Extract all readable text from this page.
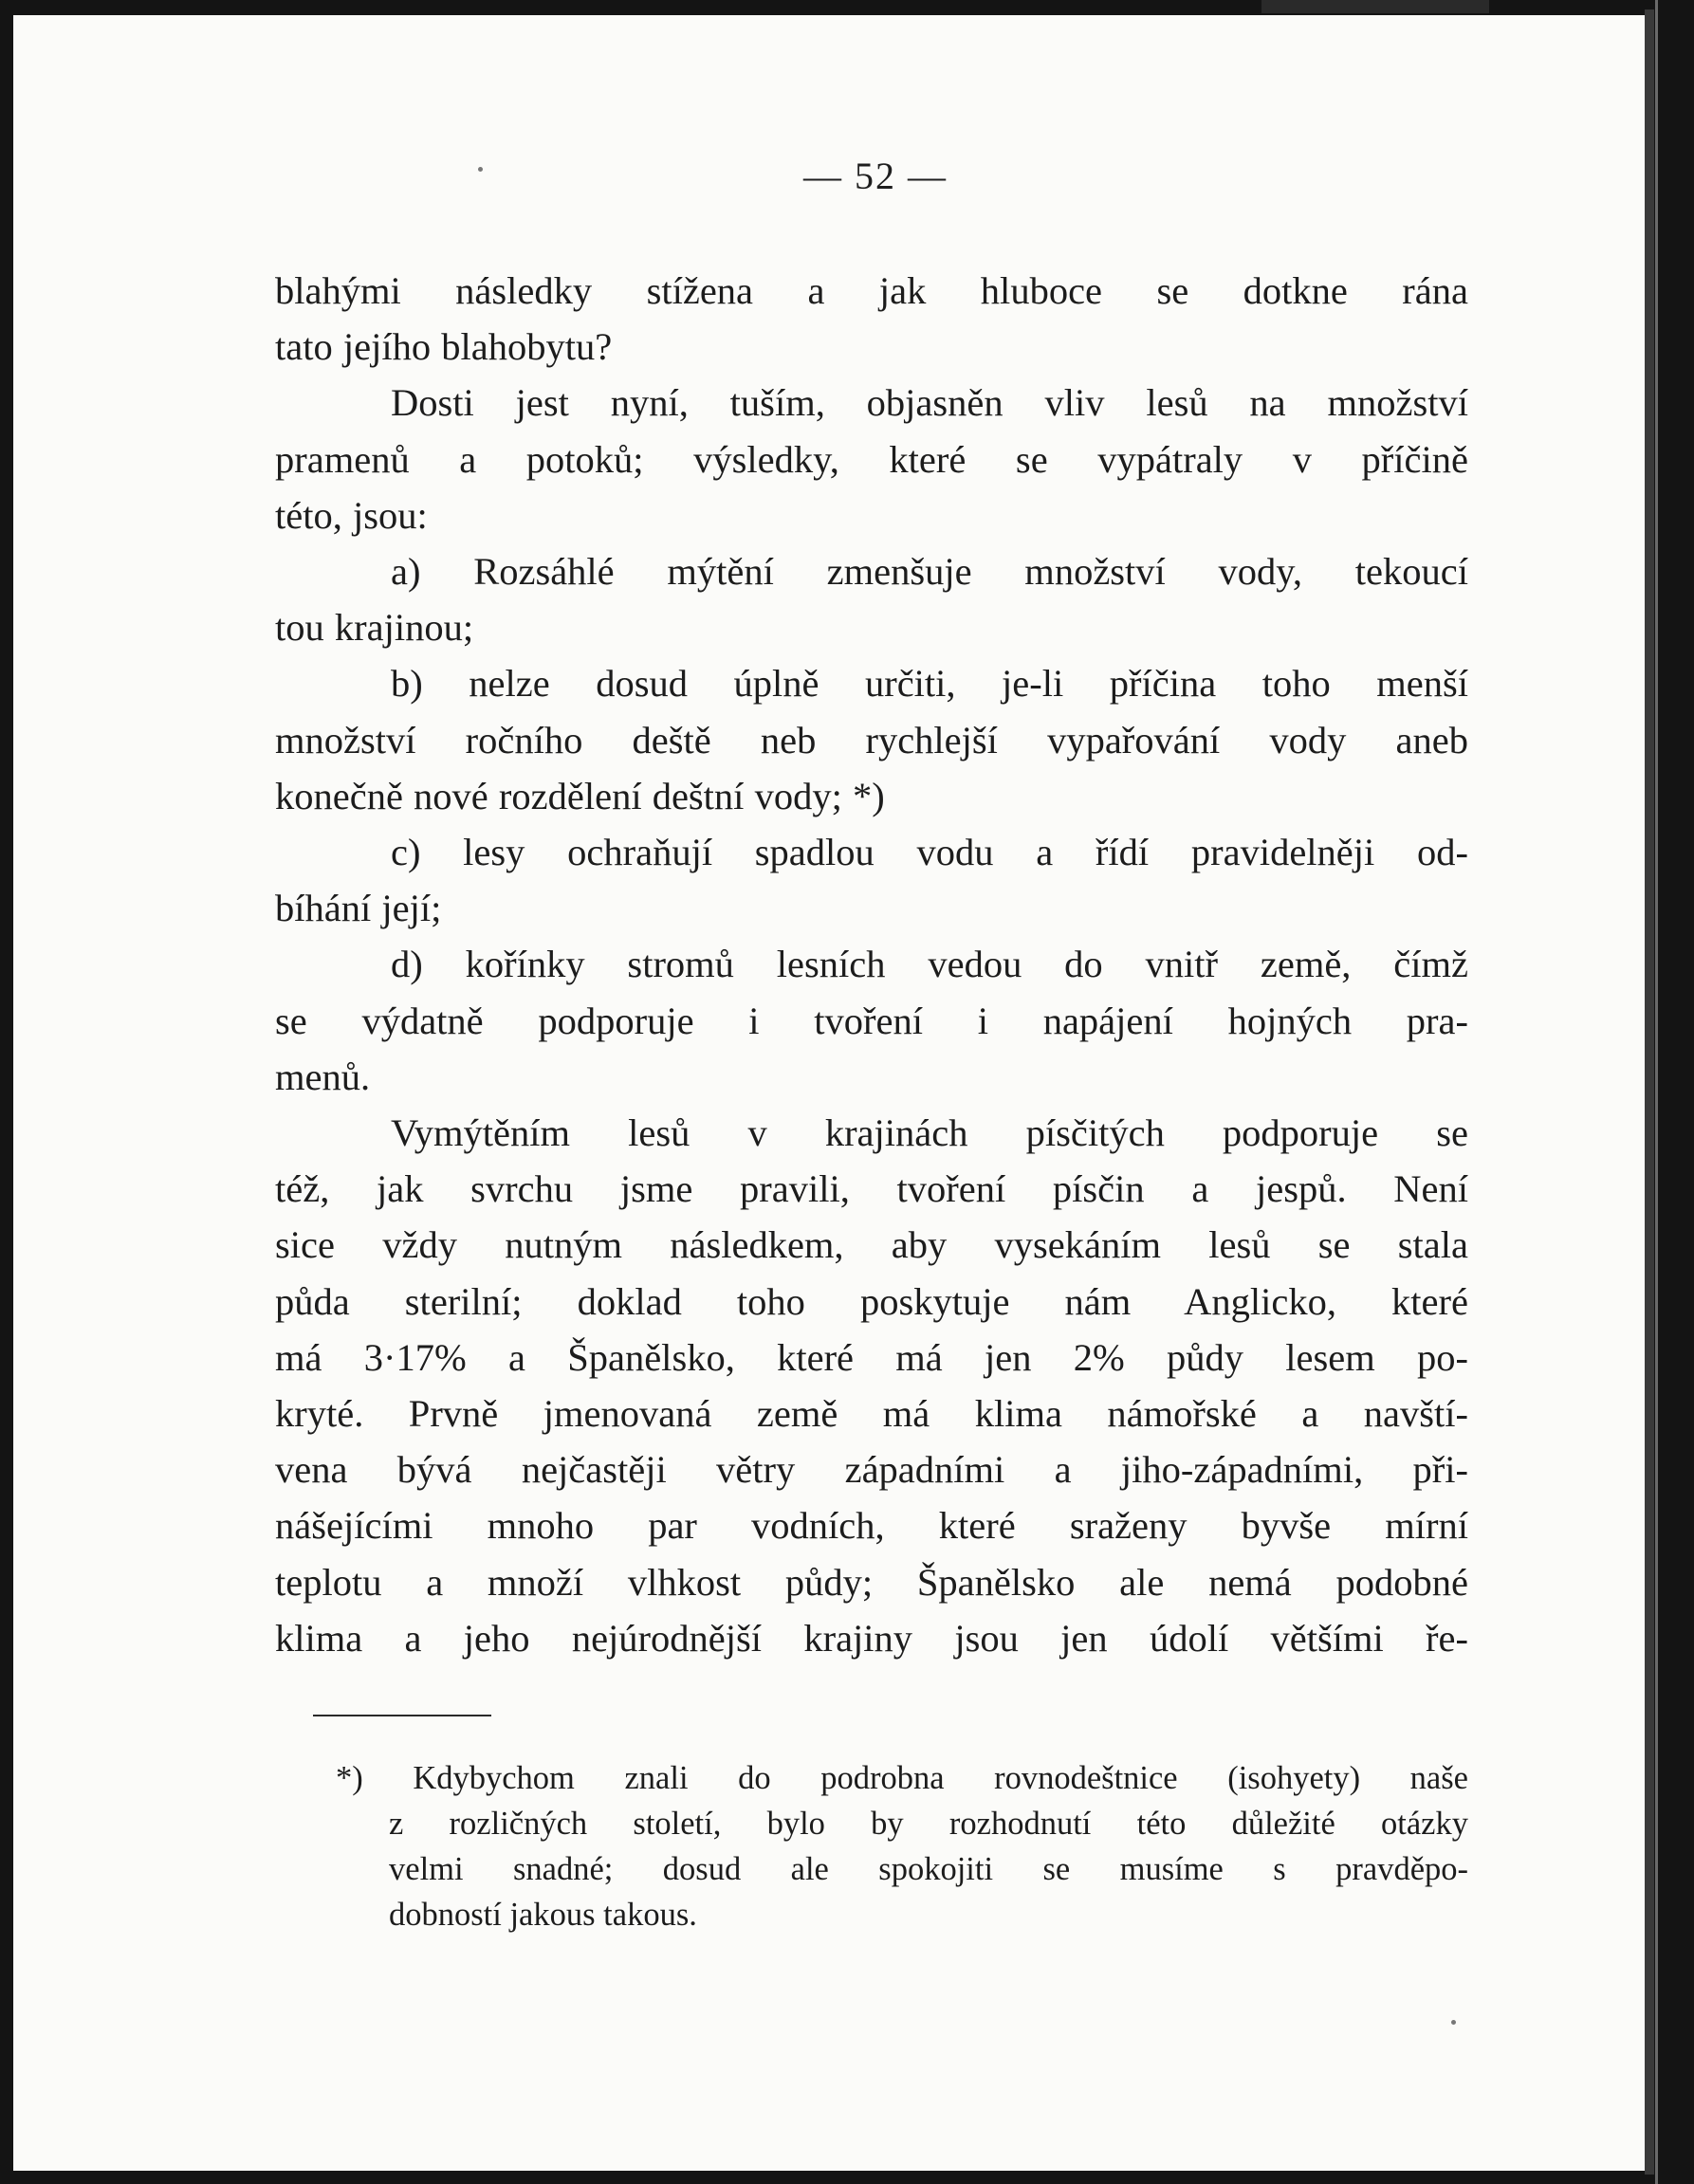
— 52 —

blahými následky stížena a jak hluboce se dotkne rána

tato jejího blahobytu?

Dosti jest nyní, tuším, objasněn vliv lesů na množství

pramenů a potoků; výsledky, které se vypátraly v příčině

této, jsou:

a) Rozsáhlé mýtění zmenšuje množství vody, tekoucí

tou krajinou;

b) nelze dosud úplně určiti, je-li příčina toho menší

množství ročního deště neb rychlejší vypařování vody aneb

konečně nové rozdělení deštní vody; *)

c) lesy ochraňují spadlou vodu a řídí pravidelněji od-

bíhání její;

d) kořínky stromů lesních vedou do vnitř země, čímž

se výdatně podporuje i tvoření i napájení hojných pra-

menů.

Vymýtěním lesů v krajinách písčitých podporuje se

též, jak svrchu jsme pravili, tvoření písčin a jespů. Není

sice vždy nutným následkem, aby vysekáním lesů se stala

půda sterilní; doklad toho poskytuje nám Anglicko, které

má 3·17% a Španělsko, které má jen 2% půdy lesem po-

kryté. Prvně jmenovaná země má klima námořské a navští-

vena bývá nejčastěji větry západními a jiho-západními, při-

nášejícími mnoho par vodních, které sraženy byvše mírní

teplotu a množí vlhkost půdy; Španělsko ale nemá podobné

klima a jeho nejúrodnější krajiny jsou jen údolí většími ře-

*) Kdybychom znali do podrobna rovnodeštnice (isohyety) naše
z rozličných století, bylo by rozhodnutí této důležité otázky
velmi snadné; dosud ale spokojiti se musíme s pravděpo-
dobností jakous takous.
